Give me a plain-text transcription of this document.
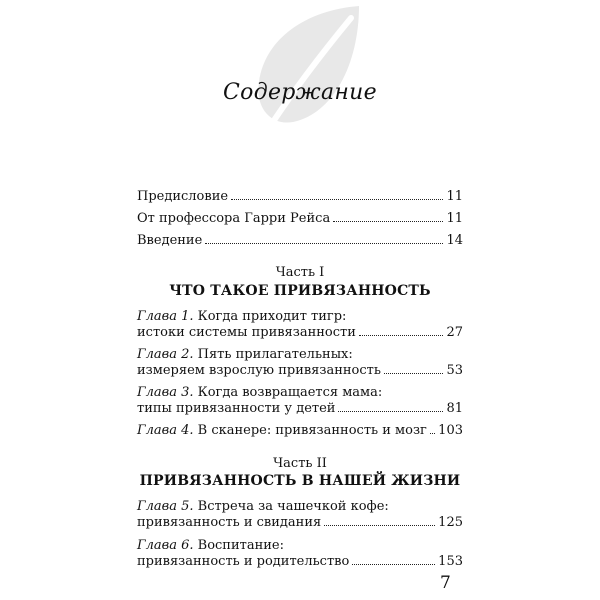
Содержание
Предисловие	11
От профессора Гарри Рейса	11
Введение	14
Часть I
ЧТО ТАКОЕ ПРИВЯЗАННОСТЬ
Глава 1. Когда приходит тигр:
истоки системы привязанности	27
Глава 2. Пять прилагательных:
измеряем взрослую привязанность	53
Глава 3. Когда возвращается мама:
типы привязанности у детей	81
Глава 4. В сканере: привязанность и мозг 103
Часть II
ПРИВЯЗАННОСТЬ В НАШЕЙ ЖИЗНИ
Глава 5. Встреча за чашечкой кофе:
привязанность и свидания	125
Глава 6. Воспитание:
привязанность и родительство	153
7
